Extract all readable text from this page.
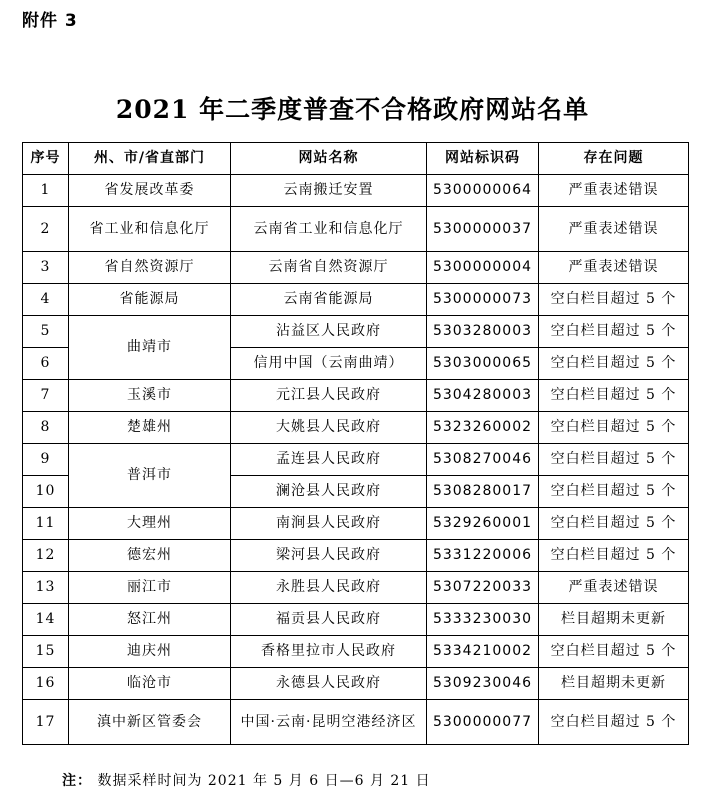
附件 3
2021 年二季度普查不合格政府网站名单
序号	州、市/省直部门	网站名称	网站标识码	存在问题
1	省发展改革委	云南搬迁安置	5300000064	严重表述错误
2	省工业和信息化厅	云南省工业和信息化厅	5300000037	严重表述错误
3	省自然资源厅	云南省自然资源厅	5300000004	严重表述错误
4	省能源局	云南省能源局	5300000073	空白栏目超过 5 个
5	曲靖市	沾益区人民政府	5303280003	空白栏目超过 5 个
6		信用中国（云南曲靖）	5303000065	空白栏目超过 5 个
7	玉溪市	元江县人民政府	5304280003	空白栏目超过 5 个
8	楚雄州	大姚县人民政府	5323260002	空白栏目超过 5 个
9	普洱市	孟连县人民政府	5308270046	空白栏目超过 5 个
10		澜沧县人民政府	5308280017	空白栏目超过 5 个
11	大理州	南涧县人民政府	5329260001	空白栏目超过 5 个
12	德宏州	梁河县人民政府	5331220006	空白栏目超过 5 个
13	丽江市	永胜县人民政府	5307220033	严重表述错误
14	怒江州	福贡县人民政府	5333230030	栏目超期未更新
15	迪庆州	香格里拉市人民政府	5334210002	空白栏目超过 5 个
16	临沧市	永德县人民政府	5309230046	栏目超期未更新
17	滇中新区管委会	中国·云南·昆明空港经济区	5300000077	空白栏目超过 5 个
注： 数据采样时间为 2021 年 5 月 6 日—6 月 21 日
